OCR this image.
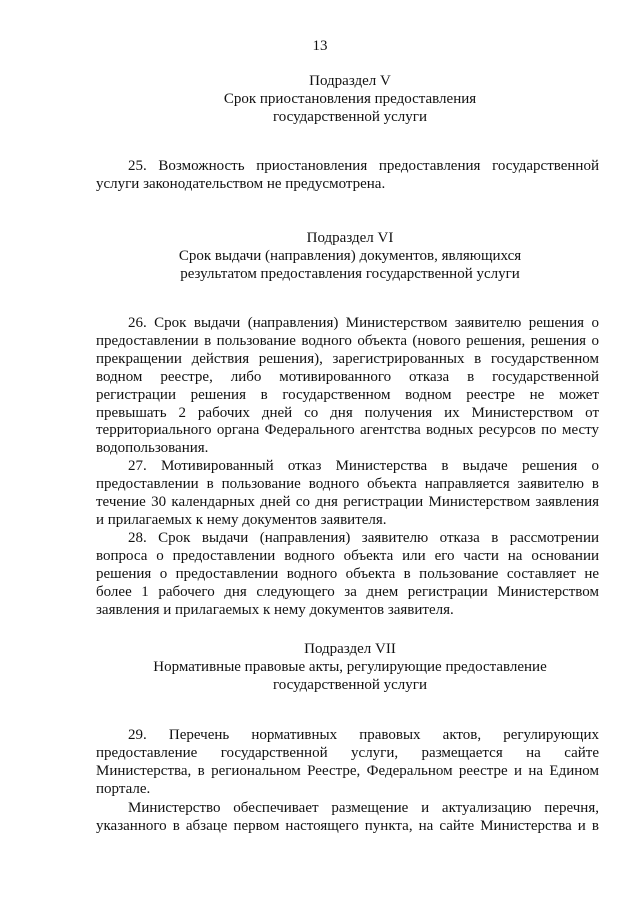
13
Подраздел V
Срок приостановления предоставления
государственной услуги
25. Возможность приостановления предоставления государственной
услуги законодательством не предусмотрена.
Подраздел VI
Срок выдачи (направления) документов, являющихся
результатом предоставления государственной услуги
26. Срок выдачи (направления) Министерством заявителю решения о
предоставлении в пользование водного объекта (нового решения, решения о
прекращении действия решения), зарегистрированных в государственном
водном реестре, либо мотивированного отказа в государственной
регистрации решения в государственном водном реестре не может
превышать 2 рабочих дней со дня получения их Министерством от
территориального органа Федерального агентства водных ресурсов по месту
водопользования.
27. Мотивированный отказ Министерства в выдаче решения о
предоставлении в пользование водного объекта направляется заявителю в
течение 30 календарных дней со дня регистрации Министерством заявления
и прилагаемых к нему документов заявителя.
28. Срок выдачи (направления) заявителю отказа в рассмотрении
вопроса о предоставлении водного объекта или его части на основании
решения о предоставлении водного объекта в пользование составляет не
более 1 рабочего дня следующего за днем регистрации Министерством
заявления и прилагаемых к нему документов заявителя.
Подраздел VII
Нормативные правовые акты, регулирующие предоставление
государственной услуги
29. Перечень нормативных правовых актов, регулирующих
предоставление государственной услуги, размещается на сайте
Министерства, в региональном Реестре, Федеральном реестре и на Едином
портале.
Министерство обеспечивает размещение и актуализацию перечня,
указанного в абзаце первом настоящего пункта, на сайте Министерства и в
